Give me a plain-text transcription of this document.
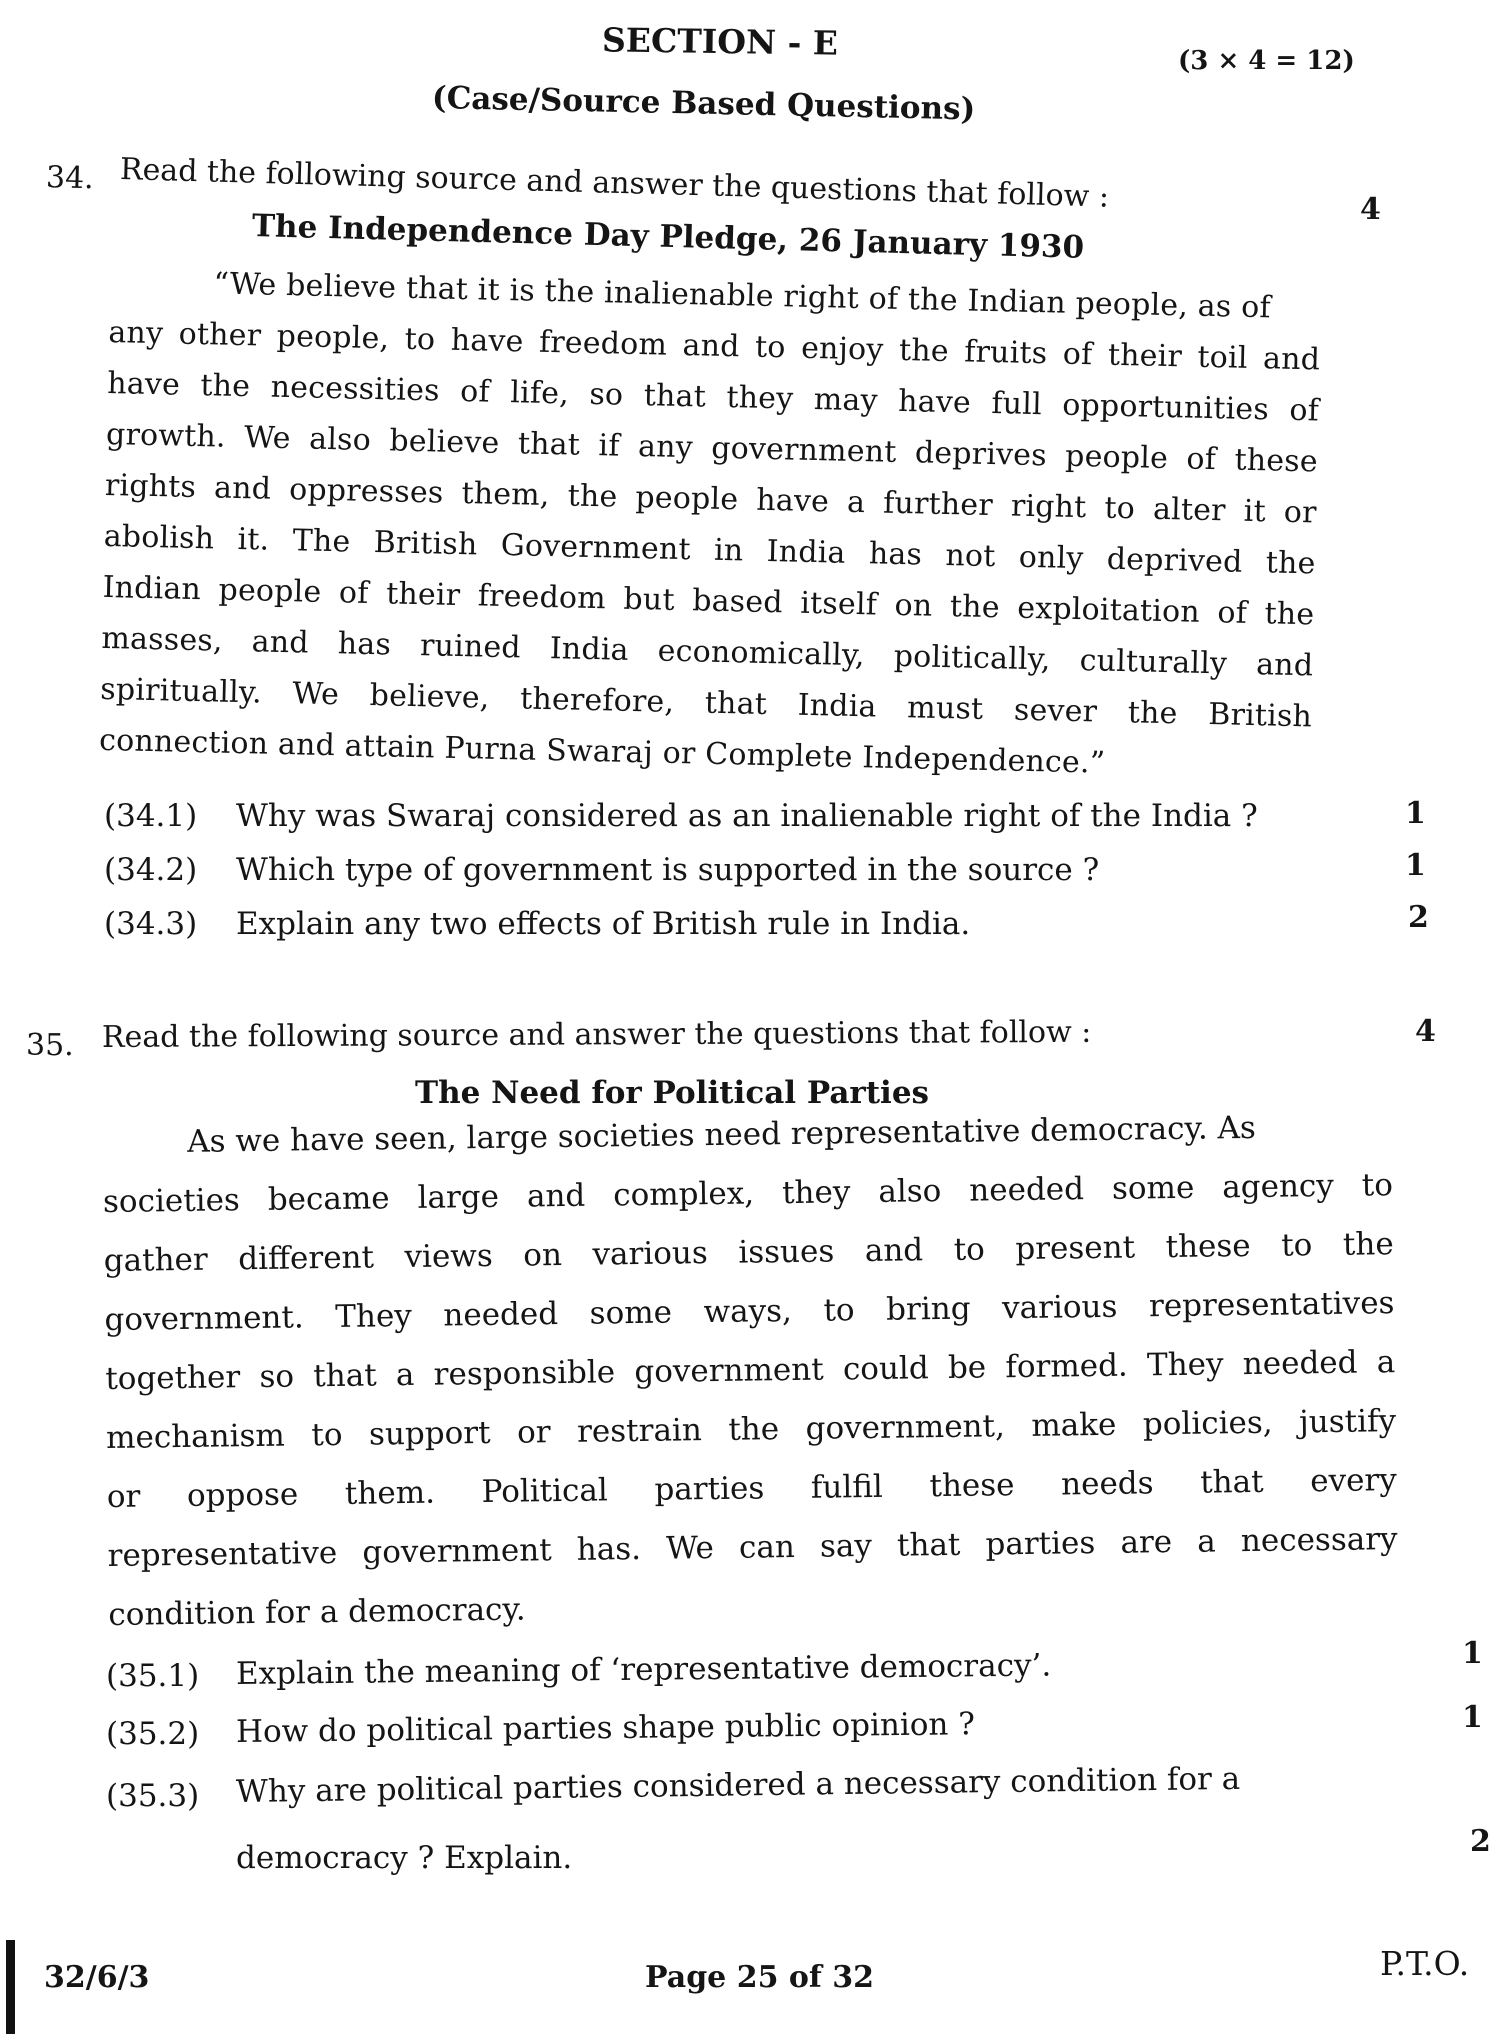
SECTION - E	(3 × 4 = 12)
(Case/Source Based Questions)
34. Read the following source and answer the questions that follow :	4
The Independence Day Pledge, 26 January 1930
“We believe that it is the inalienable right of the Indian people, as of
any other people, to have freedom and to enjoy the fruits of their toil and
have the necessities of life, so that they may have full opportunities of
growth. We also believe that if any government deprives people of these
rights and oppresses them, the people have a further right to alter it or
abolish it. The British Government in India has not only deprived the
Indian people of their freedom but based itself on the exploitation of the
masses, and has ruined India economically, politically, culturally and
spiritually. We believe, therefore, that India must sever the British
connection and attain Purna Swaraj or Complete Independence.”
(34.1) Why was Swaraj considered as an inalienable right of the India ?	1
(34.2) Which type of government is supported in the source ?	1
(34.3) Explain any two effects of British rule in India.	2
35. Read the following source and answer the questions that follow :	4
The Need for Political Parties
As we have seen, large societies need representative democracy. As
societies became large and complex, they also needed some agency to
gather different views on various issues and to present these to the
government. They needed some ways, to bring various representatives
together so that a responsible government could be formed. They needed a
mechanism to support or restrain the government, make policies, justify
or oppose them. Political parties fulfil these needs that every
representative government has. We can say that parties are a necessary
condition for a democracy.
(35.1) Explain the meaning of ‘representative democracy’.	1
(35.2) How do political parties shape public opinion ?	1
(35.3) Why are political parties considered a necessary condition for a
democracy ? Explain.	2
32/6/3	Page 25 of 32	P.T.O.
